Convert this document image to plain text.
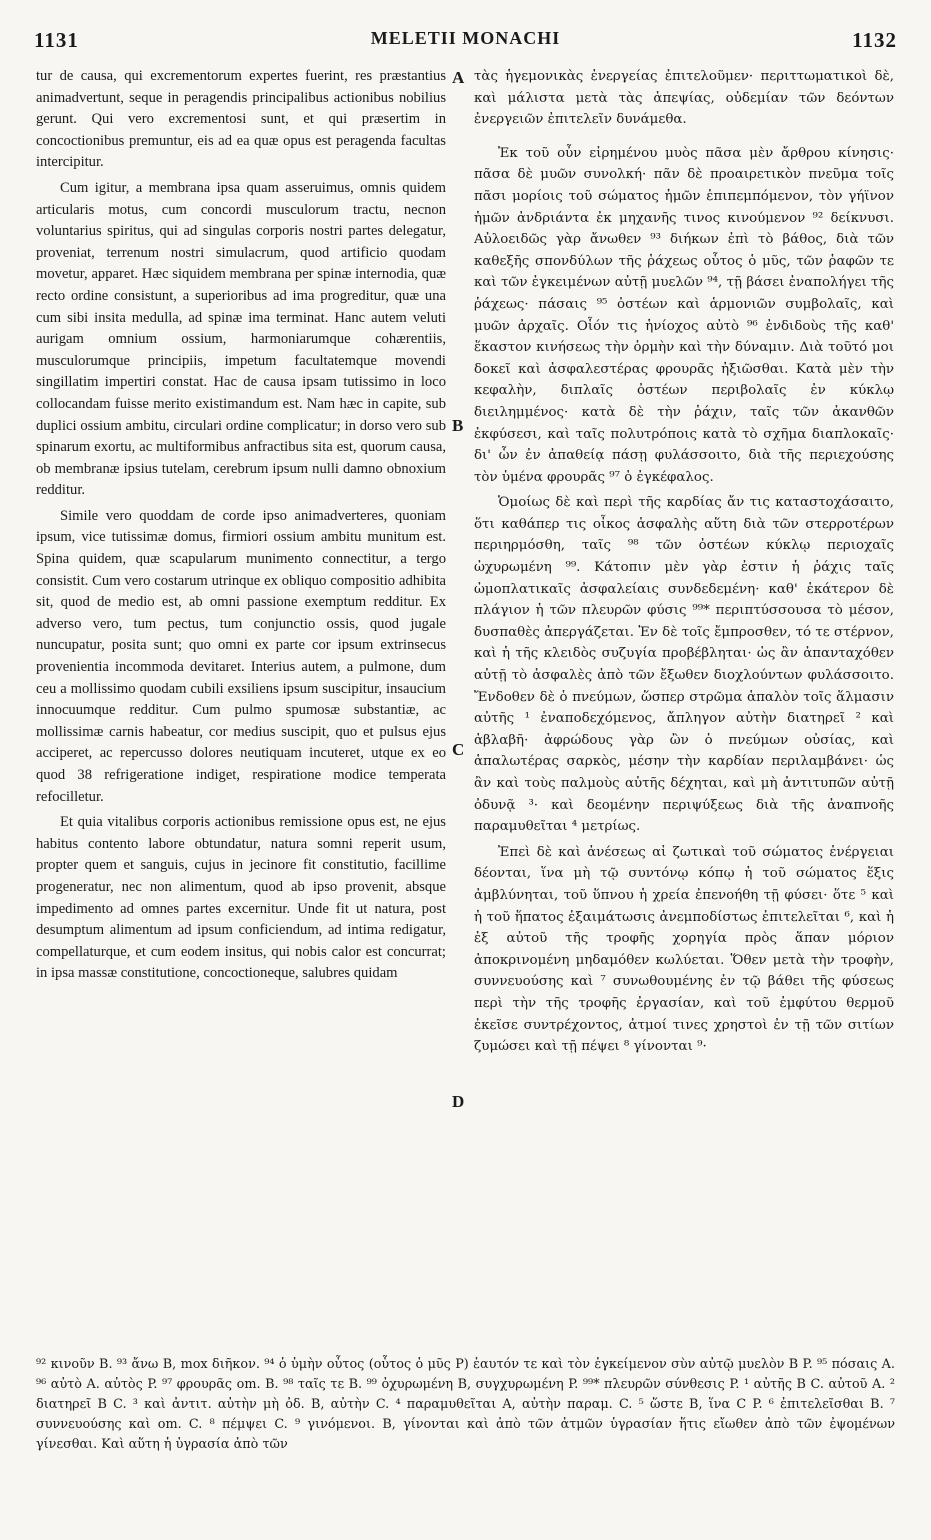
1131	MELETII MONACHI	1132

tur de causa, qui excrementorum expertes fuerint, res præstantius animadvertunt, seque in peragendis principalibus actionibus nobilius gerunt. Qui vero excrementosi sunt, et qui præsertim in concoctionibus premuntur, eis ad ea quæ opus est peragenda facultas intercipitur.

Cum igitur, a membrana ipsa quam asseruimus, omnis quidem articularis motus, cum concordi musculorum tractu, necnon voluntarius spiritus, qui ad singulas corporis nostri partes delegatur, proveniat, terrenum nostri simulacrum, quod artificio quodam movetur, apparet. Hæc siquidem membrana per spinæ internodia, quæ recto ordine consistunt, a superioribus ad ima progreditur, quæ una cum sibi insita medulla, ad spinæ ima terminat. Hanc autem veluti aurigam omnium ossium, harmoniarumque cohærentiis, musculorumque principiis, impetum facultatemque movendi singillatim impertiri constat. Hac de causa ipsam tutissimo in loco collocandam fuisse merito existimandum est. Nam hæc in capite, sub duplici ossium ambitu, circulari ordine complicatur; in dorso vero sub spinarum exortu, ac multiformibus anfractibus sita est, quorum causa, ob membranæ ipsius tutelam, cerebrum ipsum nulli damno obnoxium redditur.

Simile vero quoddam de corde ipso animadverteres, quoniam ipsum, vice tutissimæ domus, firmiori ossium ambitu munitum est. Spina quidem, quæ scapularum munimento connectitur, a tergo consistit. Cum vero costarum utrinque ex obliquo compositio adhibita sit, quod de medio est, ab omni passione exemptum redditur. Ex adverso vero, tum pectus, tum conjunctio ossis, quod jugale nuncupatur, posita sunt; quo omni ex parte cor ipsum extrinsecus provenientia incommoda devitaret. Interius autem, a pulmone, dum ceu a mollissimo quodam cubili exsiliens ipsum suscipitur, insaucium innocuumque redditur. Cum pulmo spumosæ substantiæ, ac mollissimæ carnis habeatur, cor medius suscipit, quo et pulsus ejus acciperet, ac repercusso dolores neutiquam incuteret, utque ex eo quod 38 refrigeratione indiget, respiratione modice temperata refocilletur.

Et quia vitalibus corporis actionibus remissione opus est, ne ejus habitus contento labore obtundatur, natura somni reperit usum, propter quem et sanguis, cujus in jecinore fit constitutio, facillime progeneratur, nec non alimentum, quod ab ipso provenit, absque impedimento ad omnes partes excernitur. Unde fit ut natura, post desumptum alimentum ad ipsum conficiendum, ad intima redigatur, compellaturque, et cum eodem insitus, qui nobis calor est concurrat; in ipsa massæ constitutione, concoctioneque, salubres quidam

A
B
C
D

τὰς ἡγεμονικὰς ἐνεργείας ἐπιτελοῦμεν· περιττωματικοὶ δὲ, καὶ μάλιστα μετὰ τὰς ἀπεψίας, οὐδεμίαν τῶν δεόντων ἐνεργειῶν ἐπιτελεῖν δυνάμεθα.

Ἐκ τοῦ οὖν εἰρημένου μυὸς πᾶσα μὲν ἄρθρου κίνησις· πᾶσα δὲ μυῶν συνολκή· πᾶν δὲ προαιρετικὸν πνεῦμα τοῖς πᾶσι μορίοις τοῦ σώματος ἡμῶν ἐπιπεμπόμενον, τὸν γήϊνον ἡμῶν ἀνδριάντα ἐκ μηχανῆς τινος κινούμενον ⁹² δείκνυσι. Αὐλοειδῶς γὰρ ἄνωθεν ⁹³ διήκων ἐπὶ τὸ βάθος, διὰ τῶν καθεξῆς σπονδύλων τῆς ῥάχεως οὗτος ὁ μῦς, τῶν ῥαφῶν τε καὶ τῶν ἐγκειμένων αὐτῇ μυελῶν ⁹⁴, τῇ βάσει ἐναπολήγει τῆς ῥάχεως· πάσαις ⁹⁵ ὀστέων καὶ ἁρμονιῶν συμβολαῖς, καὶ μυῶν ἀρχαῖς. Οἷόν τις ἡνίοχος αὐτὸ ⁹⁶ ἐνδιδοὺς τῆς καθ' ἕκαστον κινήσεως τὴν ὁρμὴν καὶ τὴν δύναμιν. Διὰ τοῦτό μοι δοκεῖ καὶ ἀσφαλεστέρας φρουρᾶς ἠξιῶσθαι. Κατὰ μὲν τὴν κεφαλὴν, διπλαῖς ὀστέων περιβολαῖς ἐν κύκλῳ διειλημμένος· κατὰ δὲ τὴν ῥάχιν, ταῖς τῶν ἀκανθῶν ἐκφύσεσι, καὶ ταῖς πολυτρόποις κατὰ τὸ σχῆμα διαπλοκαῖς· δι' ὧν ἐν ἀπαθείᾳ πάσῃ φυλάσσοιτο, διὰ τῆς περιεχούσης τὸν ὑμένα φρουρᾶς ⁹⁷ ὁ ἐγκέφαλος.

Ὁμοίως δὲ καὶ περὶ τῆς καρδίας ἄν τις καταστοχάσαιτο, ὅτι καθάπερ τις οἶκος ἀσφαλὴς αὕτη διὰ τῶν στερροτέρων περιηρμόσθη, ταῖς ⁹⁸ τῶν ὀστέων κύκλῳ περιοχαῖς ὠχυρωμένη ⁹⁹. Κάτοπιν μὲν γὰρ ἐστιν ἡ ῥάχις ταῖς ὠμοπλατικαῖς ἀσφαλείαις συνδεδεμένη· καθ' ἑκάτερον δὲ πλάγιον ἡ τῶν πλευρῶν φύσις ⁹⁹* περιπτύσσουσα τὸ μέσον, δυσπαθὲς ἀπεργάζεται. Ἐν δὲ τοῖς ἔμπροσθεν, τό τε στέρνον, καὶ ἡ τῆς κλειδὸς συζυγία προβέβληται· ὡς ἂν ἀπανταχόθεν αὐτῇ τὸ ἀσφαλὲς ἀπὸ τῶν ἔξωθεν διοχλούντων φυλάσσοιτο. Ἔνδοθεν δὲ ὁ πνεύμων, ὥσπερ στρῶμα ἁπαλὸν τοῖς ἅλμασιν αὐτῆς ¹ ἐναποδεχόμενος, ἄπληγον αὐτὴν διατηρεῖ ² καὶ ἀβλαβῆ· ἀφρώδους γὰρ ὢν ὁ πνεύμων οὐσίας, καὶ ἁπαλωτέρας σαρκὸς, μέσην τὴν καρδίαν περιλαμβάνει· ὡς ἂν καὶ τοὺς παλμοὺς αὐτῆς δέχηται, καὶ μὴ ἀντιτυπῶν αὐτῇ ὀδυνᾷ ³· καὶ δεομένην περιψύξεως διὰ τῆς ἀναπνοῆς παραμυθεῖται ⁴ μετρίως.

Ἐπεὶ δὲ καὶ ἀνέσεως αἱ ζωτικαὶ τοῦ σώματος ἐνέργειαι δέονται, ἵνα μὴ τῷ συντόνῳ κόπῳ ἡ τοῦ σώματος ἕξις ἀμβλύνηται, τοῦ ὕπνου ἡ χρεία ἐπενοήθη τῇ φύσει· ὅτε ⁵ καὶ ἡ τοῦ ἥπατος ἐξαιμάτωσις ἀνεμποδίστως ἐπιτελεῖται ⁶, καὶ ἡ ἐξ αὐτοῦ τῆς τροφῆς χορηγία πρὸς ἅπαν μόριον ἀποκρινομένη μηδαμόθεν κωλύεται. Ὅθεν μετὰ τὴν τροφὴν, συννευούσης καὶ ⁷ συνωθουμένης ἐν τῷ βάθει τῆς φύσεως περὶ τὴν τῆς τροφῆς ἐργασίαν, καὶ τοῦ ἐμφύτου θερμοῦ ἐκεῖσε συντρέχοντος, ἀτμοί τινες χρηστοὶ ἐν τῇ τῶν σιτίων ζυμώσει καὶ τῇ πέψει ⁸ γίνονται ⁹·

⁹² κινοῦν B. ⁹³ ἄνω B, mox διῆκον. ⁹⁴ ὁ ὑμὴν οὗτος (οὗτος ὁ μῦς P) ἑαυτόν τε καὶ τὸν ἐγκείμενον σὺν αὐτῷ μυελὸν B P. ⁹⁵ πόσαις A. ⁹⁶ αὐτὸ A. αὐτὸς P. ⁹⁷ φρουρᾶς om. B. ⁹⁸ ταῖς τε B. ⁹⁹ ὀχυρωμένη B, συγχυρωμένη P. ⁹⁹* πλευρῶν σύνθεσις P. ¹ αὐτῆς B C. αὐτοῦ A. ² διατηρεῖ B C. ³ καὶ ἀντιτ. αὐτὴν μὴ ὀδ. B, αὐτὴν C. ⁴ παραμυθεῖται A, αὐτὴν παραμ. C. ⁵ ὥστε B, ἵνα C P. ⁶ ἐπιτελεῖσθαι B. ⁷ συννευούσης καὶ om. C. ⁸ πέμψει C. ⁹ γινόμενοι. B, γίνονται καὶ ἀπὸ τῶν ἀτμῶν ὑγρασίαν ἥτις εἴωθεν ἀπὸ τῶν ἐψομένων γίνεσθαι. Καὶ αὕτη ἡ ὑγρασία ἀπὸ τῶν
